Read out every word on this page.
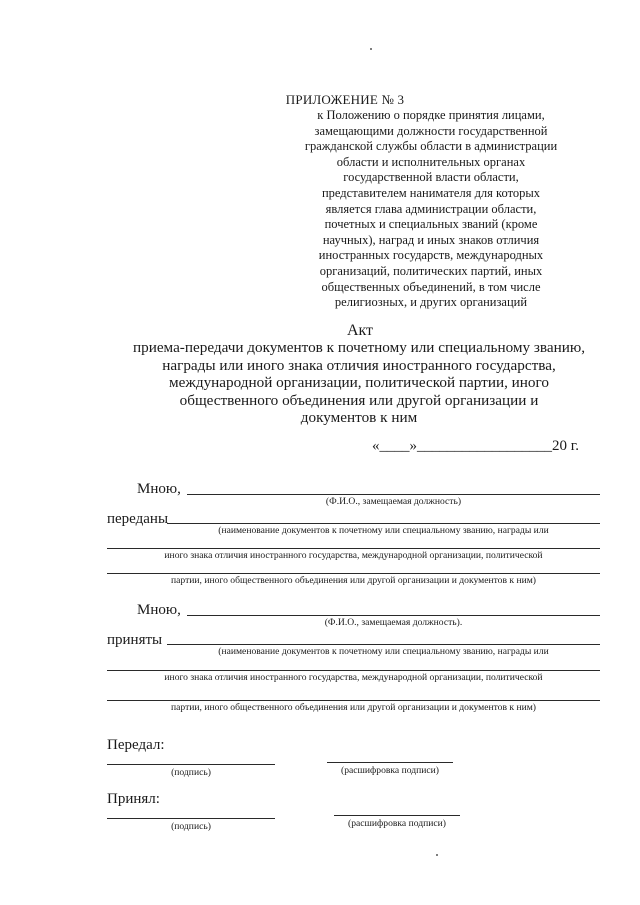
ПРИЛОЖЕНИЕ № 3
к Положению о порядке принятия лицами,
замещающими должности государственной
гражданской службы области в администрации
области и исполнительных органах
государственной власти области,
представителем нанимателя для которых
является глава администрации области,
почетных и специальных званий (кроме
научных), наград и иных знаков отличия
иностранных государств, международных
организаций, политических партий, иных
общественных объединений, в том числе
религиозных, и других организаций
Акт
приема-передачи документов к почетному или специальному званию,
награды или иного знака отличия иностранного государства,
международной организации, политической партии, иного
общественного объединения или другой организации и
документов к ним
«____»__________________20 г.
Мною,
(Ф.И.О., замещаемая должность)
переданы
(наименование документов к почетному или специальному званию, награды или
иного знака отличия иностранного государства, международной организации, политической
партии, иного общественного объединения или другой организации и документов к ним)
Мною,
(Ф.И.О., замещаемая должность).
приняты
(наименование документов к почетному или специальному званию, награды или
иного знака отличия иностранного государства, международной организации, политической
партии, иного общественного объединения или другой организации и документов к ним)
Передал:
(подпись)	(расшифровка подписи)
Принял:
(подпись)	(расшифровка подписи)
